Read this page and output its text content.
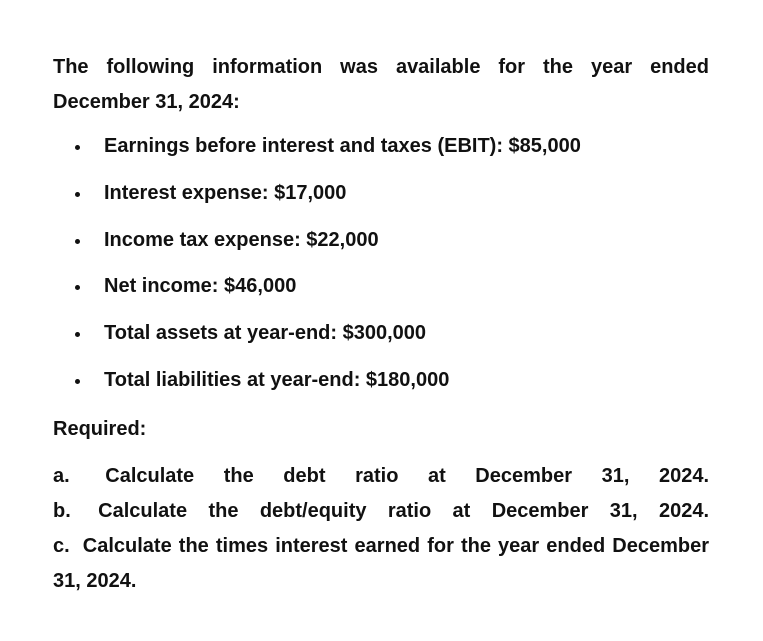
The following information was available for the year ended December 31, 2024:

Earnings before interest and taxes (EBIT): $85,000
Interest expense: $17,000
Income tax expense: $22,000
Net income: $46,000
Total assets at year-end: $300,000
Total liabilities at year-end: $180,000

Required:

a. Calculate the debt ratio at December 31, 2024.

b. Calculate the debt/equity ratio at December 31, 2024.

c. Calculate the times interest earned for the year ended December 31, 2024.
